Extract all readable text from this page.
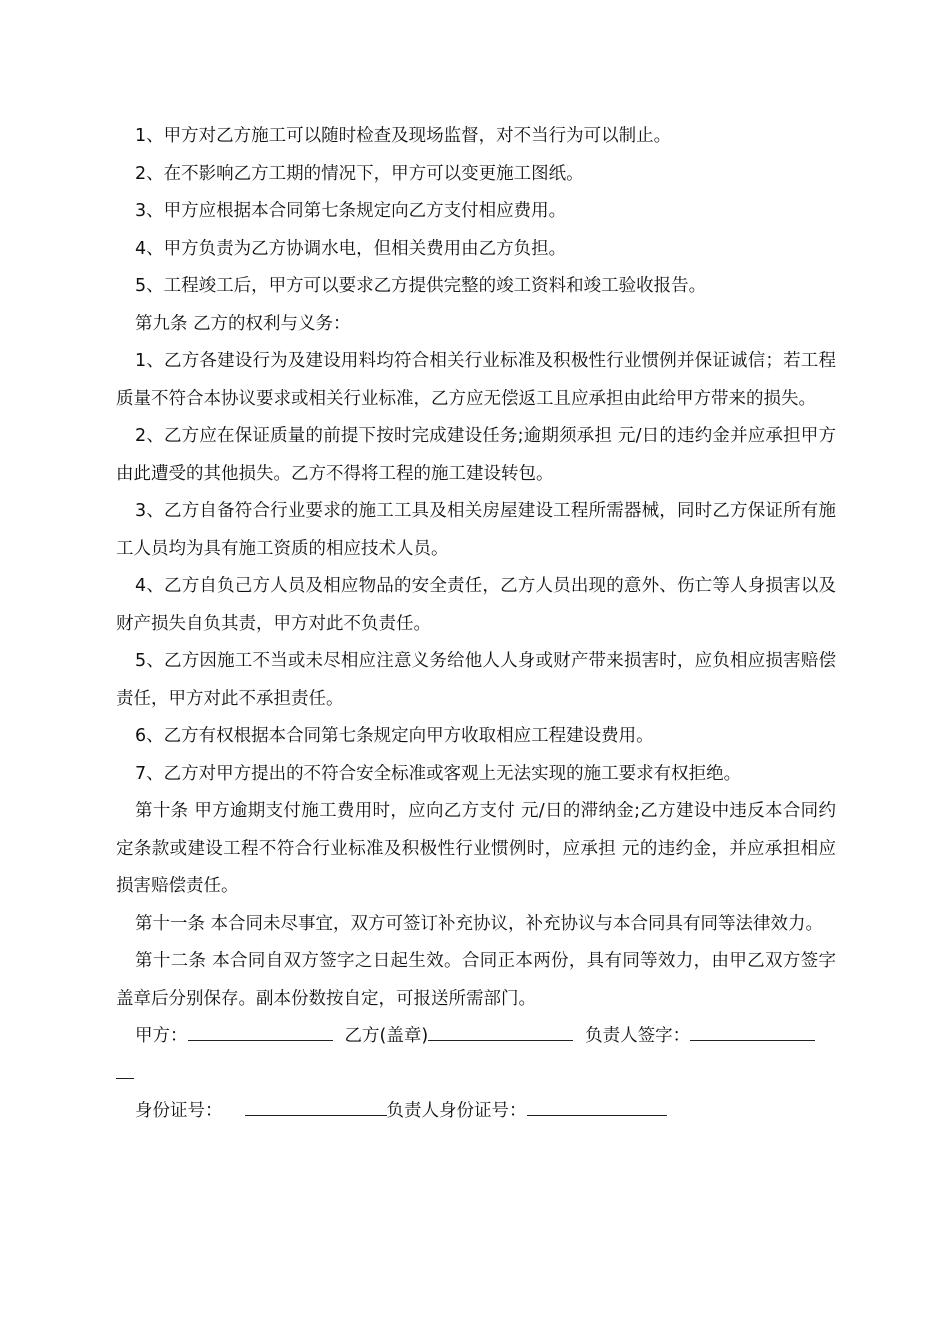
1、甲方对乙方施工可以随时检查及现场监督，对不当行为可以制止。

2、在不影响乙方工期的情况下，甲方可以变更施工图纸。

3、甲方应根据本合同第七条规定向乙方支付相应费用。

4、甲方负责为乙方协调水电，但相关费用由乙方负担。

5、工程竣工后，甲方可以要求乙方提供完整的竣工资料和竣工验收报告。

第九条 乙方的权利与义务：

1、乙方各建设行为及建设用料均符合相关行业标准及积极性行业惯例并保证诚信；若工程质量不符合本协议要求或相关行业标准，乙方应无偿返工且应承担由此给甲方带来的损失。

2、乙方应在保证质量的前提下按时完成建设任务;逾期须承担 元/日的违约金并应承担甲方由此遭受的其他损失。乙方不得将工程的施工建设转包。

3、乙方自备符合行业要求的施工工具及相关房屋建设工程所需器械，同时乙方保证所有施工人员均为具有施工资质的相应技术人员。

4、乙方自负己方人员及相应物品的安全责任，乙方人员出现的意外、伤亡等人身损害以及财产损失自负其责，甲方对此不负责任。

5、乙方因施工不当或未尽相应注意义务给他人人身或财产带来损害时，应负相应损害赔偿责任，甲方对此不承担责任。

6、乙方有权根据本合同第七条规定向甲方收取相应工程建设费用。

7、乙方对甲方提出的不符合安全标准或客观上无法实现的施工要求有权拒绝。

第十条 甲方逾期支付施工费用时，应向乙方支付 元/日的滞纳金;乙方建设中违反本合同约定条款或建设工程不符合行业标准及积极性行业惯例时，应承担 元的违约金，并应承担相应损害赔偿责任。

第十一条 本合同未尽事宜，双方可签订补充协议，补充协议与本合同具有同等法律效力。

第十二条 本合同自双方签字之日起生效。合同正本两份，具有同等效力，由甲乙双方签字盖章后分别保存。副本份数按自定，可报送所需部门。

甲方：	乙方(盖章)	负责人签字：

身份证号：	负责人身份证号：
